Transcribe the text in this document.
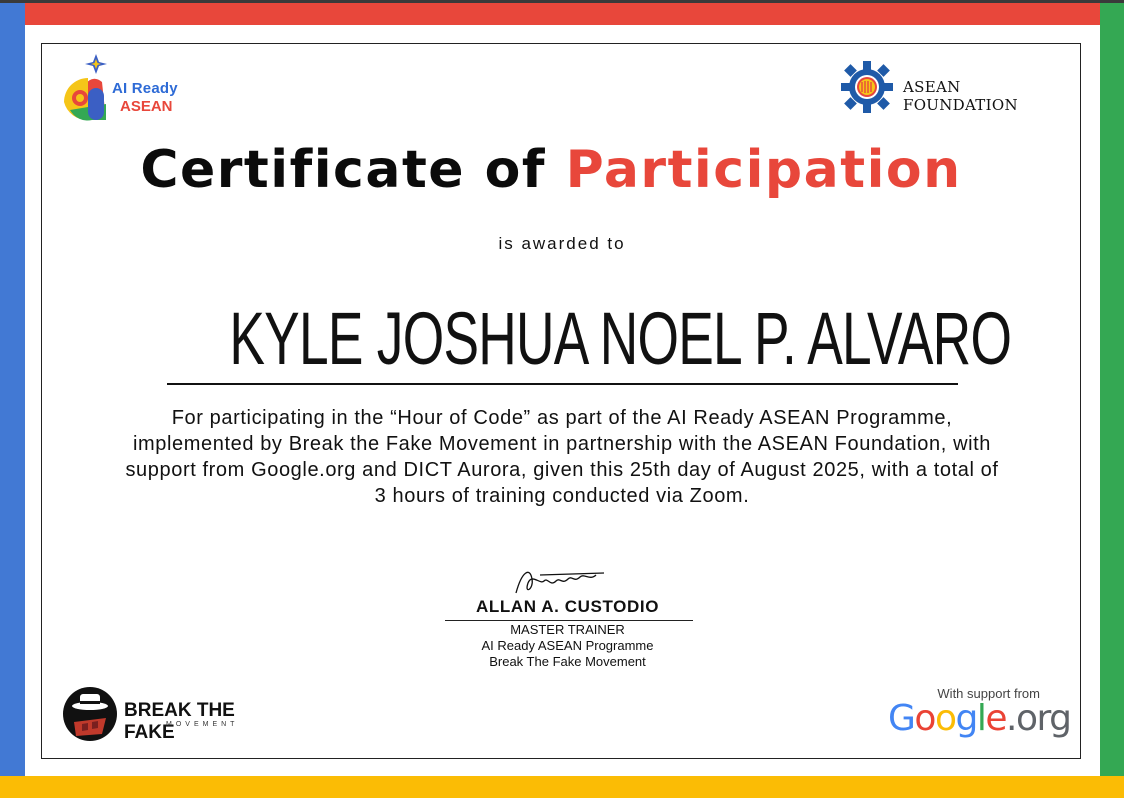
AI Ready
ASEAN
ASEAN FOUNDATION
Certificate of Participation
is awarded to
KYLE JOSHUA NOEL P. ALVARO
For participating in the “Hour of Code” as part of the AI Ready ASEAN Programme, implemented by Break the Fake Movement in partnership with the ASEAN Foundation, with support from Google.org and DICT Aurora, given this 25th day of August 2025, with a total of 3 hours of training conducted via Zoom.
ALLAN A. CUSTODIO
MASTER TRAINER
AI Ready ASEAN Programme
Break The Fake Movement
BREAK THE FAKE
MOVEMENT
With support from
Google.org
